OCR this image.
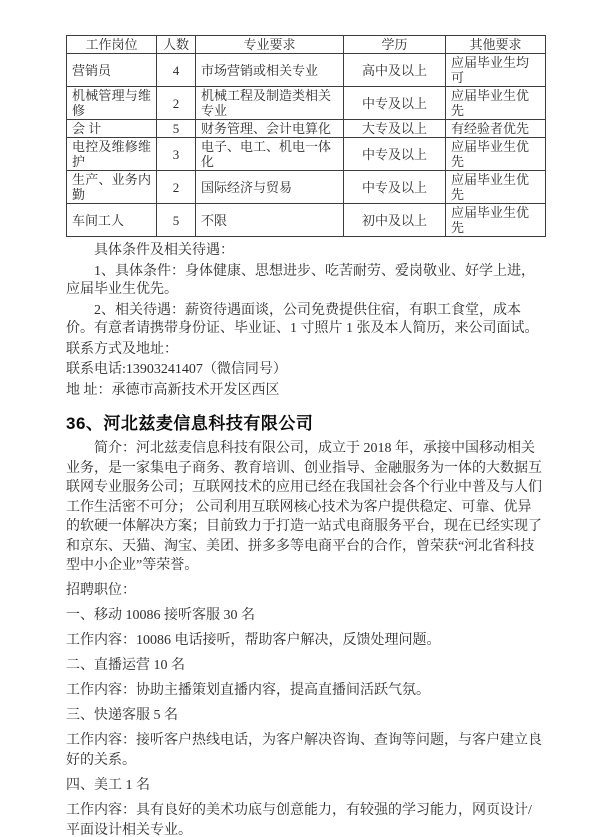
工作岗位	人数	专业要求	学历	其他要求
营销员	4	市场营销或相关专业	高中及以上	应届毕业生均可
机械管理与维修	2	机械工程及制造类相关专业	中专及以上	应届毕业生优先
会 计	5	财务管理、会计电算化	大专及以上	有经验者优先
电控及维修维护	3	电子、电工、机电一体化	中专及以上	应届毕业生优先
生产、业务内勤	2	国际经济与贸易	中专及以上	应届毕业生优先
车间工人	5	不限	初中及以上	应届毕业生优先

具体条件及相关待遇：

1、具体条件：身体健康、思想进步、吃苦耐劳、爱岗敬业、好学上进，应届毕业生优先。

2、相关待遇：薪资待遇面谈，公司免费提供住宿，有职工食堂，成本价。有意者请携带身份证、毕业证、1 寸照片 1 张及本人简历，来公司面试。

联系方式及地址：

联系电话:13903241407（微信同号）

地 址：承德市高新技术开发区西区

36、河北兹麦信息科技有限公司

简介：河北兹麦信息科技有限公司，成立于 2018 年，承接中国移动相关业务，是一家集电子商务、教育培训、创业指导、金融服务为一体的大数据互联网专业服务公司；互联网技术的应用已经在我国社会各个行业中普及与人们工作生活密不可分； 公司利用互联网核心技术为客户提供稳定、可靠、优异的软硬一体解决方案；目前致力于打造一站式电商服务平台，现在已经实现了和京东、天猫、淘宝、美团、拼多多等电商平台的合作，曾荣获“河北省科技型中小企业”等荣誉。

招聘职位：

一、移动 10086 接听客服 30 名

工作内容：10086 电话接听，帮助客户解决，反馈处理问题。

二、直播运营 10 名

工作内容：协助主播策划直播内容，提高直播间活跃气氛。

三、快递客服 5 名

工作内容：接听客户热线电话，为客户解决咨询、查询等问题，与客户建立良好的关系。

四、美工 1 名

工作内容：具有良好的美术功底与创意能力，有较强的学习能力，网页设计/平面设计相关专业。
